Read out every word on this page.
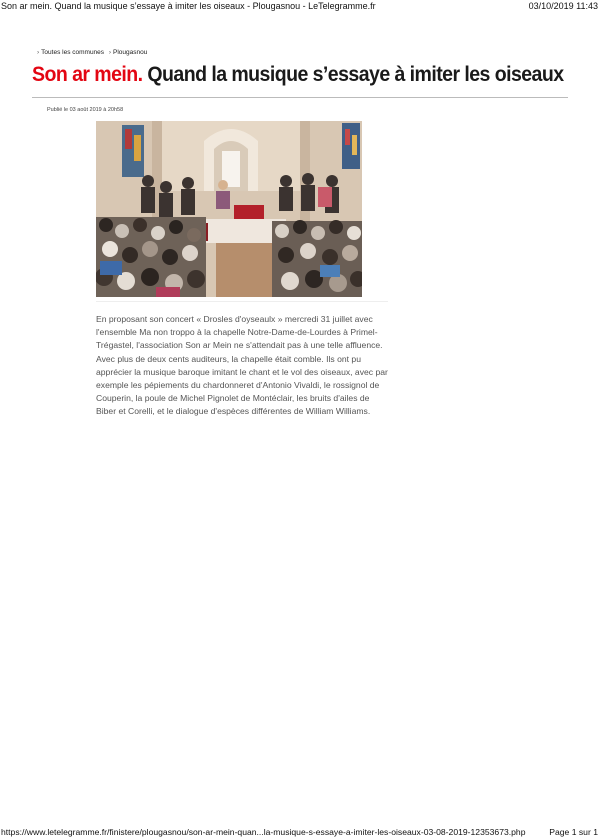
Son ar mein. Quand la musique s’essaye à imiter les oiseaux - Plougasnou - LeTelegramme.fr	03/10/2019 11:43
› Toutes les communes › Plougasnou
Son ar mein. Quand la musique s’essaye à imiter les oiseaux
Publié le 03 août 2019 à 20h58

En proposant son concert « Drosles d'oyseaulx » mercredi 31 juillet avec l'ensemble Ma non troppo à la chapelle Notre-Dame-de-Lourdes à Primel-Trégastel, l'association Son ar Mein ne s'attendait pas à une telle affluence. Avec plus de deux cents auditeurs, la chapelle était comble. Ils ont pu apprécier la musique baroque imitant le chant et le vol des oiseaux, avec par exemple les pépiements du chardonneret d'Antonio Vivaldi, le rossignol de Couperin, la poule de Michel Pignolet de Montéclair, les bruits d'ailes de Biber et Corelli, et le dialogue d'espèces différentes de William Williams.

https://www.letelegramme.fr/finistere/plougasnou/son-ar-mein-quan...la-musique-s-essaye-a-imiter-les-oiseaux-03-08-2019-12353673.php	Page 1 sur 1
